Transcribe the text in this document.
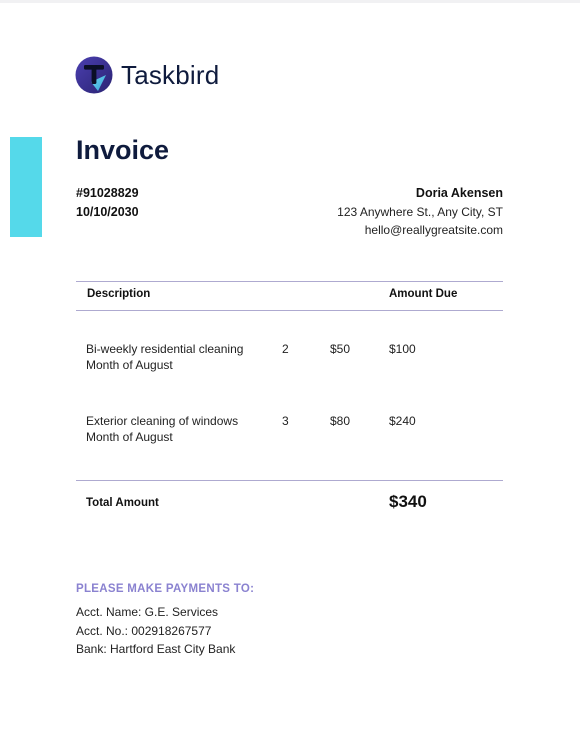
Taskbird
Invoice
#91028829
10/10/2030
Doria Akensen
123 Anywhere St., Any City, ST
hello@reallygreatsite.com
Description	Amount Due
Bi-weekly residential cleaning
Month of August
2	$50	$100
Exterior cleaning of windows
Month of August
3	$80	$240
Total Amount	$340
PLEASE MAKE PAYMENTS TO:
Acct. Name: G.E. Services
Acct. No.: 002918267577
Bank: Hartford East City Bank
